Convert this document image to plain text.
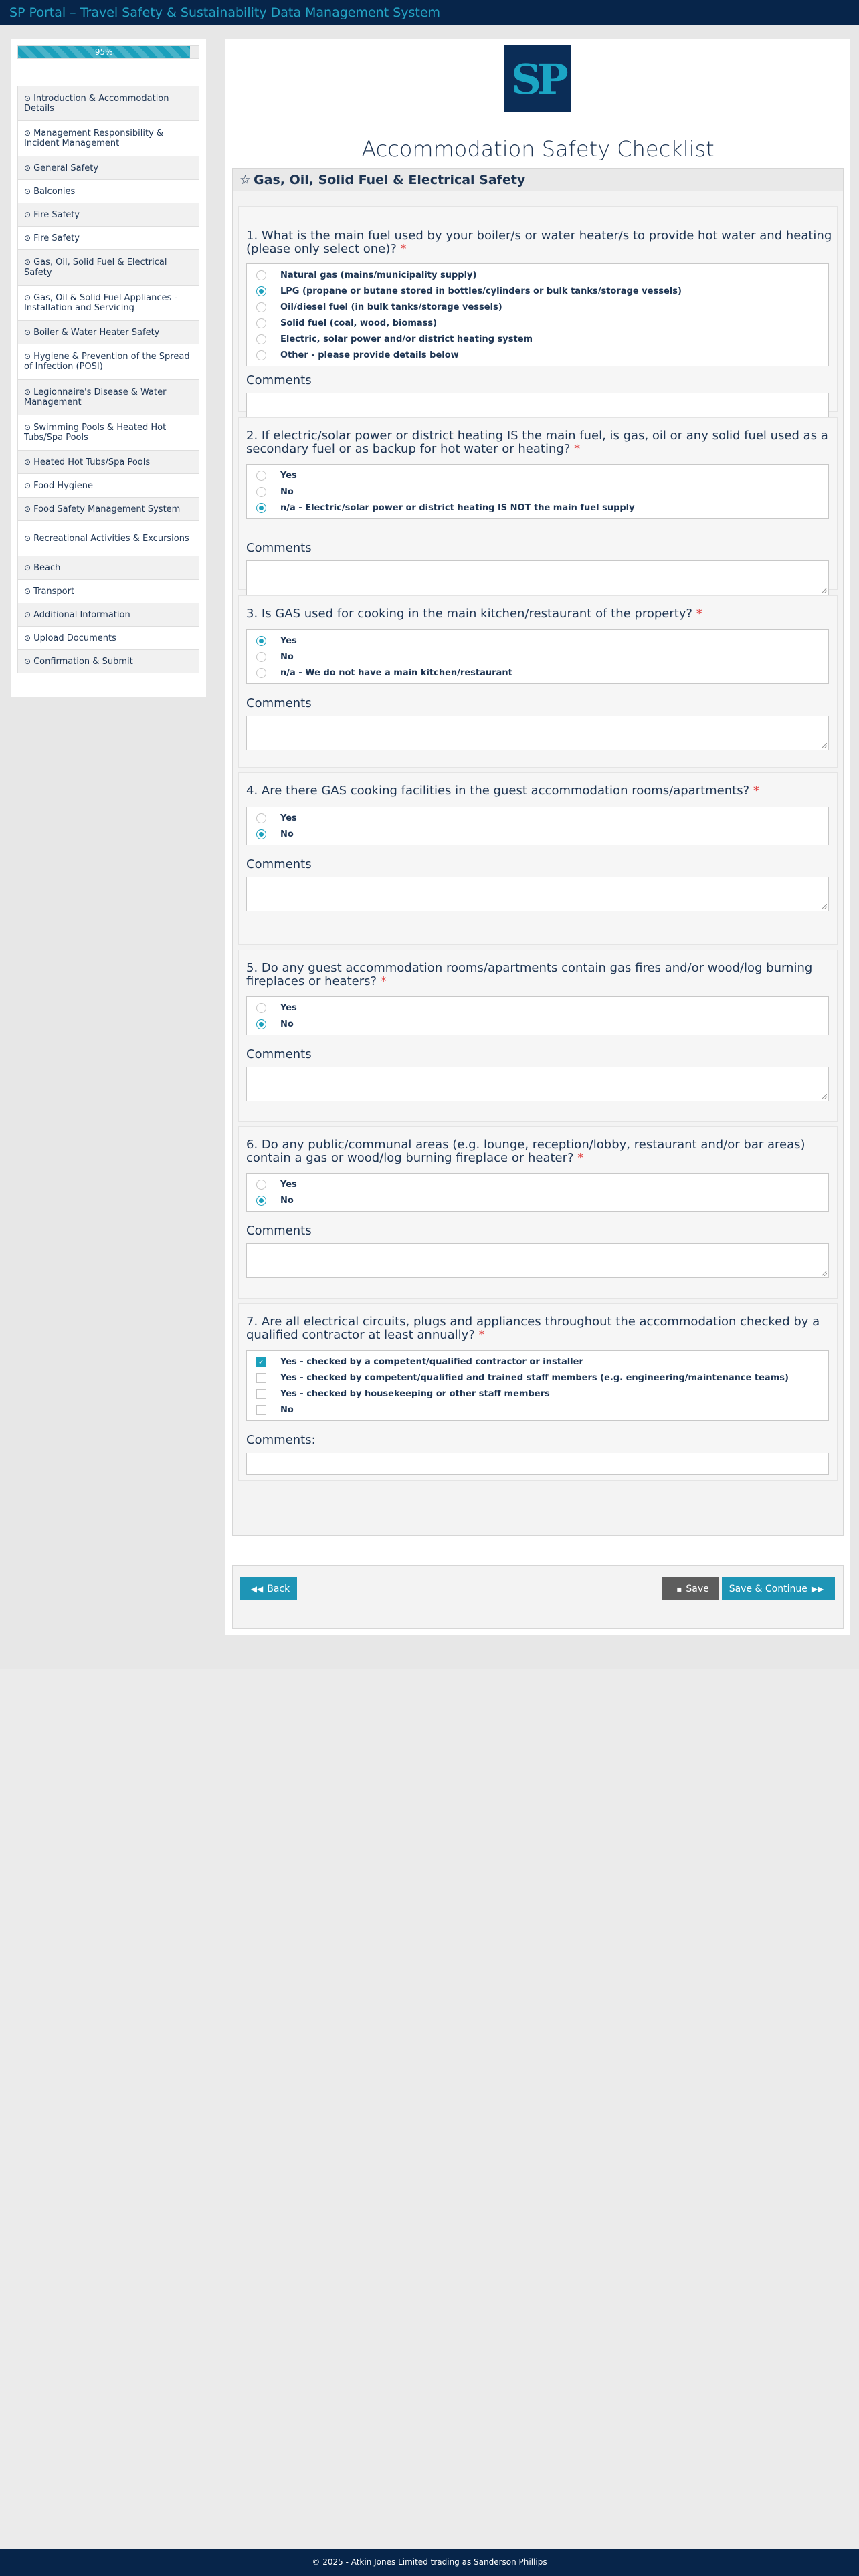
SP Portal – Travel Safety & Sustainability Data Management System
95%
⊙ Introduction & Accommodation Details
⊙ Management Responsibility & Incident Management
⊙ General Safety
⊙ Balconies
⊙ Fire Safety
⊙ Fire Safety
⊙ Gas, Oil, Solid Fuel & Electrical Safety
⊙ Gas, Oil & Solid Fuel Appliances - Installation and Servicing
⊙ Boiler & Water Heater Safety
⊙ Hygiene & Prevention of the Spread of Infection (POSI)
⊙ Legionnaire's Disease & Water Management
⊙ Swimming Pools & Heated Hot Tubs/Spa Pools
⊙ Heated Hot Tubs/Spa Pools
⊙ Food Hygiene
⊙ Food Safety Management System
⊙ Recreational Activities & Excursions
⊙ Beach
⊙ Transport
⊙ Additional Information
⊙ Upload Documents
⊙ Confirmation & Submit
SP
Accommodation Safety Checklist
☆ Gas, Oil, Solid Fuel & Electrical Safety
1. What is the main fuel used by your boiler/s or water heater/s to provide hot water and heating (please only select one)? *
Natural gas (mains/municipality supply)
LPG (propane or butane stored in bottles/cylinders or bulk tanks/storage vessels)
Oil/diesel fuel (in bulk tanks/storage vessels)
Solid fuel (coal, wood, biomass)
Electric, solar power and/or district heating system
Other - please provide details below
Comments
2. If electric/solar power or district heating IS the main fuel, is gas, oil or any solid fuel used as a secondary fuel or as backup for hot water or heating? *
Yes
No
n/a - Electric/solar power or district heating IS NOT the main fuel supply
Comments
3. Is GAS used for cooking in the main kitchen/restaurant of the property? *
Yes
No
n/a - We do not have a main kitchen/restaurant
Comments
4. Are there GAS cooking facilities in the guest accommodation rooms/apartments? *
Yes
No
Comments
5. Do any guest accommodation rooms/apartments contain gas fires and/or wood/log burning fireplaces or heaters? *
Yes
No
Comments
6. Do any public/communal areas (e.g. lounge, reception/lobby, restaurant and/or bar areas) contain a gas or wood/log burning fireplace or heater? *
Yes
No
Comments
7. Are all electrical circuits, plugs and appliances throughout the accommodation checked by a qualified contractor at least annually? *
✓ Yes - checked by a competent/qualified contractor or installer
Yes - checked by competent/qualified and trained staff members (e.g. engineering/maintenance teams)
Yes - checked by housekeeping or other staff members
No
Comments:
◀◀ Back	▪ Save Save & Continue ▶▶
© 2025 - Atkin Jones Limited trading as Sanderson Phillips
